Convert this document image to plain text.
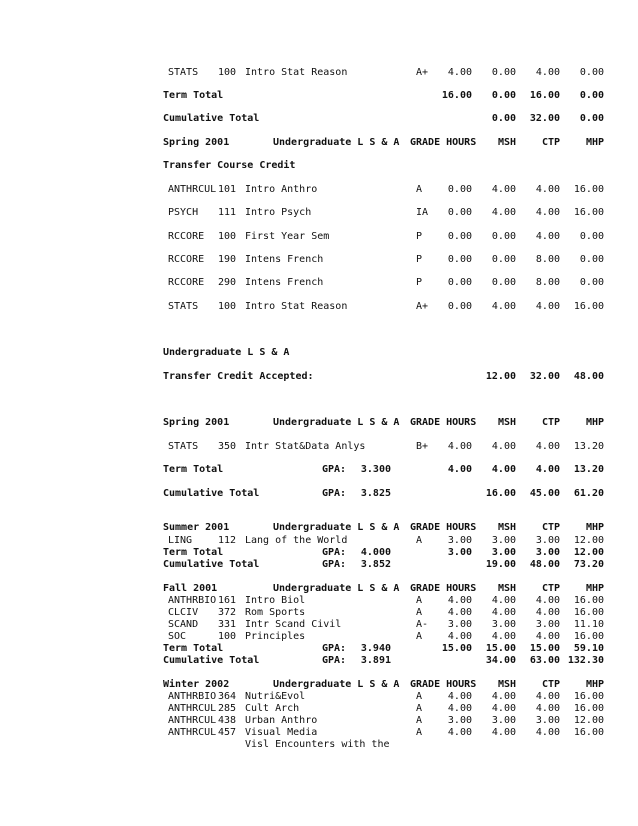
STATS 100 Intro Stat Reason	A+ 4.00 0.00 4.00 0.00
Term Total	16.00 0.00 16.00 0.00
Cumulative Total	0.00 32.00 0.00
Spring 2001	Undergraduate L S & A GRADE HOURS MSH	CTP	MHP
Transfer Course Credit
ANTHRCUL 101 Intro Anthro	A	0.00 4.00 4.00 16.00
PSYCH 111 Intro Psych	IA 0.00 4.00 4.00 16.00
RCCORE 100 First Year Sem	P	0.00 0.00 4.00 0.00
RCCORE 190 Intens French	P	0.00 0.00 8.00 0.00
RCCORE 290 Intens French	P	0.00 0.00 8.00 0.00
STATS 100 Intro Stat Reason	A+ 0.00 4.00 4.00 16.00
Undergraduate L S & A
Transfer Credit Accepted:	12.00 32.00 48.00
Spring 2001	Undergraduate L S & A GRADE HOURS MSH	CTP	MHP
STATS 350 Intr Stat&Data Anlys	B+ 4.00 4.00 4.00 13.20
Term Total	GPA: 3.300	4.00 4.00 4.00 13.20
Cumulative Total	GPA: 3.825	16.00 45.00 61.20
Summer 2001	Undergraduate L S & A GRADE HOURS MSH	CTP	MHP
LING	112 Lang of the World	A	3.00 3.00 3.00 12.00
Term Total	GPA: 4.000	3.00 3.00 3.00 12.00
Cumulative Total	GPA: 3.852	19.00 48.00 73.20
Fall 2001	Undergraduate L S & A GRADE HOURS MSH	CTP	MHP
ANTHRBIO 161 Intro Biol	A	4.00 4.00 4.00 16.00
CLCIV 372 Rom Sports	A	4.00 4.00 4.00 16.00
SCAND 331 Intr Scand Civil	A- 3.00 3.00 3.00 11.10
SOC	100 Principles	A	4.00 4.00 4.00 16.00
Term Total	GPA: 3.940	15.00 15.00 15.00 59.10
Cumulative Total	GPA: 3.891	34.00 63.00 132.30
Winter 2002	Undergraduate L S & A GRADE HOURS MSH	CTP	MHP
ANTHRBIO 364 Nutri&Evol	A	4.00 4.00 4.00 16.00
ANTHRCUL 285 Cult Arch	A	4.00 4.00 4.00 16.00
ANTHRCUL 438 Urban Anthro	A	3.00 3.00 3.00 12.00
ANTHRCUL 457 Visual Media	A	4.00 4.00 4.00 16.00
Visl Encounters with the
